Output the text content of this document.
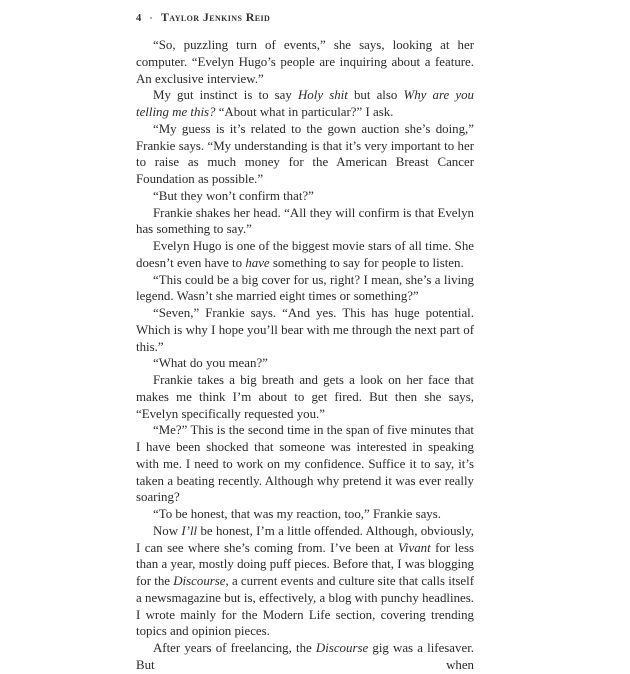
4 • Taylor Jenkins Reid

“So, puzzling turn of events,” she says, looking at her computer. “Evelyn Hugo’s people are inquiring about a feature. An exclusive interview.”

My gut instinct is to say Holy shit but also Why are you telling me this? “About what in particular?” I ask.

“My guess is it’s related to the gown auction she’s doing,” Frankie says. “My understanding is that it’s very important to her to raise as much money for the American Breast Cancer Foundation as possible.”

“But they won’t confirm that?”

Frankie shakes her head. “All they will confirm is that Evelyn has something to say.”

Evelyn Hugo is one of the biggest movie stars of all time. She doesn’t even have to have something to say for people to listen.

“This could be a big cover for us, right? I mean, she’s a living legend. Wasn’t she married eight times or something?”

“Seven,” Frankie says. “And yes. This has huge potential. Which is why I hope you’ll bear with me through the next part of this.”

“What do you mean?”

Frankie takes a big breath and gets a look on her face that makes me think I’m about to get fired. But then she says, “Evelyn specifically requested you.”

“Me?” This is the second time in the span of five minutes that I have been shocked that someone was interested in speaking with me. I need to work on my confidence. Suffice it to say, it’s taken a beating recently. Although why pretend it was ever really soaring?

“To be honest, that was my reaction, too,” Frankie says.

Now I’ll be honest, I’m a little offended. Although, obviously, I can see where she’s coming from. I’ve been at Vivant for less than a year, mostly doing puff pieces. Before that, I was blogging for the Discourse, a current events and culture site that calls itself a newsmagazine but is, effectively, a blog with punchy headlines. I wrote mainly for the Modern Life section, covering trending topics and opinion pieces.

After years of freelancing, the Discourse gig was a lifesaver. But when
